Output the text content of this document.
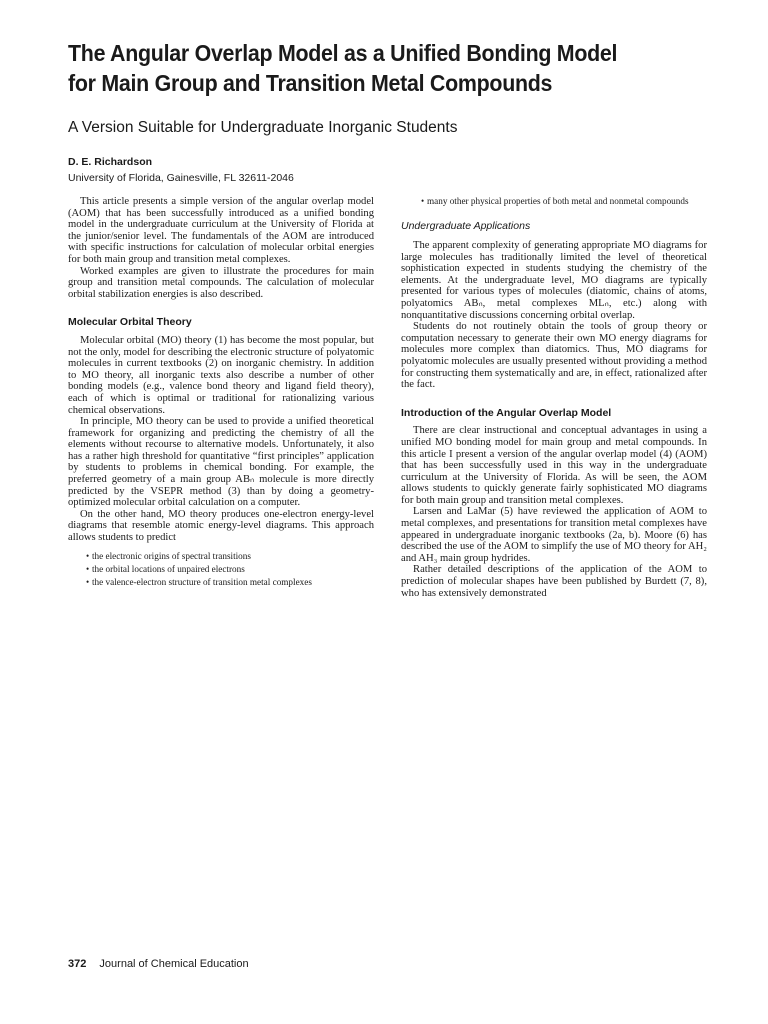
The Angular Overlap Model as a Unified Bonding Model
for Main Group and Transition Metal Compounds

A Version Suitable for Undergraduate Inorganic Students

D. E. Richardson
University of Florida, Gainesville, FL 32611-2046

This article presents a simple version of the angular overlap model (AOM) that has been successfully introduced as a unified bonding model in the undergraduate curriculum at the University of Florida at the junior/senior level. The fundamentals of the AOM are introduced with specific instructions for calculation of molecular orbital energies for both main group and transition metal complexes.

Worked examples are given to illustrate the procedures for main group and transition metal compounds. The calculation of molecular orbital stabilization energies is also described.

Molecular Orbital Theory

Molecular orbital (MO) theory (1) has become the most popular, but not the only, model for describing the electronic structure of polyatomic molecules in current textbooks (2) on inorganic chemistry. In addition to MO theory, all inorganic texts also describe a number of other bonding models (e.g., valence bond theory and ligand field theory), each of which is optimal or traditional for rationalizing various chemical observations.

In principle, MO theory can be used to provide a unified theoretical framework for organizing and predicting the chemistry of all the elements without recourse to alternative models. Unfortunately, it also has a rather high threshold for quantitative “first principles” application by students to problems in chemical bonding. For example, the preferred geometry of a main group ABₙ molecule is more directly predicted by the VSEPR method (3) than by doing a geometry-optimized molecular orbital calculation on a computer.

On the other hand, MO theory produces one-electron energy-level diagrams that resemble atomic energy-level diagrams. This approach allows students to predict

• the electronic origins of spectral transitions
• the orbital locations of unpaired electrons
• the valence-electron structure of transition metal complexes
• many other physical properties of both metal and nonmetal compounds
Undergraduate Applications

The apparent complexity of generating appropriate MO diagrams for large molecules has traditionally limited the level of theoretical sophistication expected in students studying the chemistry of the elements. At the undergraduate level, MO diagrams are typically presented for various types of molecules (diatomic, chains of atoms, polyatomics ABₙ, metal complexes MLₙ, etc.) along with nonquantitative discussions concerning orbital overlap.

Students do not routinely obtain the tools of group theory or computation necessary to generate their own MO energy diagrams for molecules more complex than diatomics. Thus, MO diagrams for polyatomic molecules are usually presented without providing a method for constructing them systematically and are, in effect, rationalized after the fact.

Introduction of the Angular Overlap Model

There are clear instructional and conceptual advantages in using a unified MO bonding model for main group and metal compounds. In this article I present a version of the angular overlap model (4) (AOM) that has been successfully used in this way in the undergraduate curriculum at the University of Florida. As will be seen, the AOM allows students to quickly generate fairly sophisticated MO diagrams for both main group and transition metal complexes.

Larsen and LaMar (5) have reviewed the application of AOM to metal complexes, and presentations for transition metal complexes have appeared in undergraduate inorganic textbooks (2a, b). Moore (6) has described the use of the AOM to simplify the use of MO theory for AH₂ and AH₃ main group hydrides.

Rather detailed descriptions of the application of the AOM to prediction of molecular shapes have been published by Burdett (7, 8), who has extensively demonstrated

372 Journal of Chemical Education
